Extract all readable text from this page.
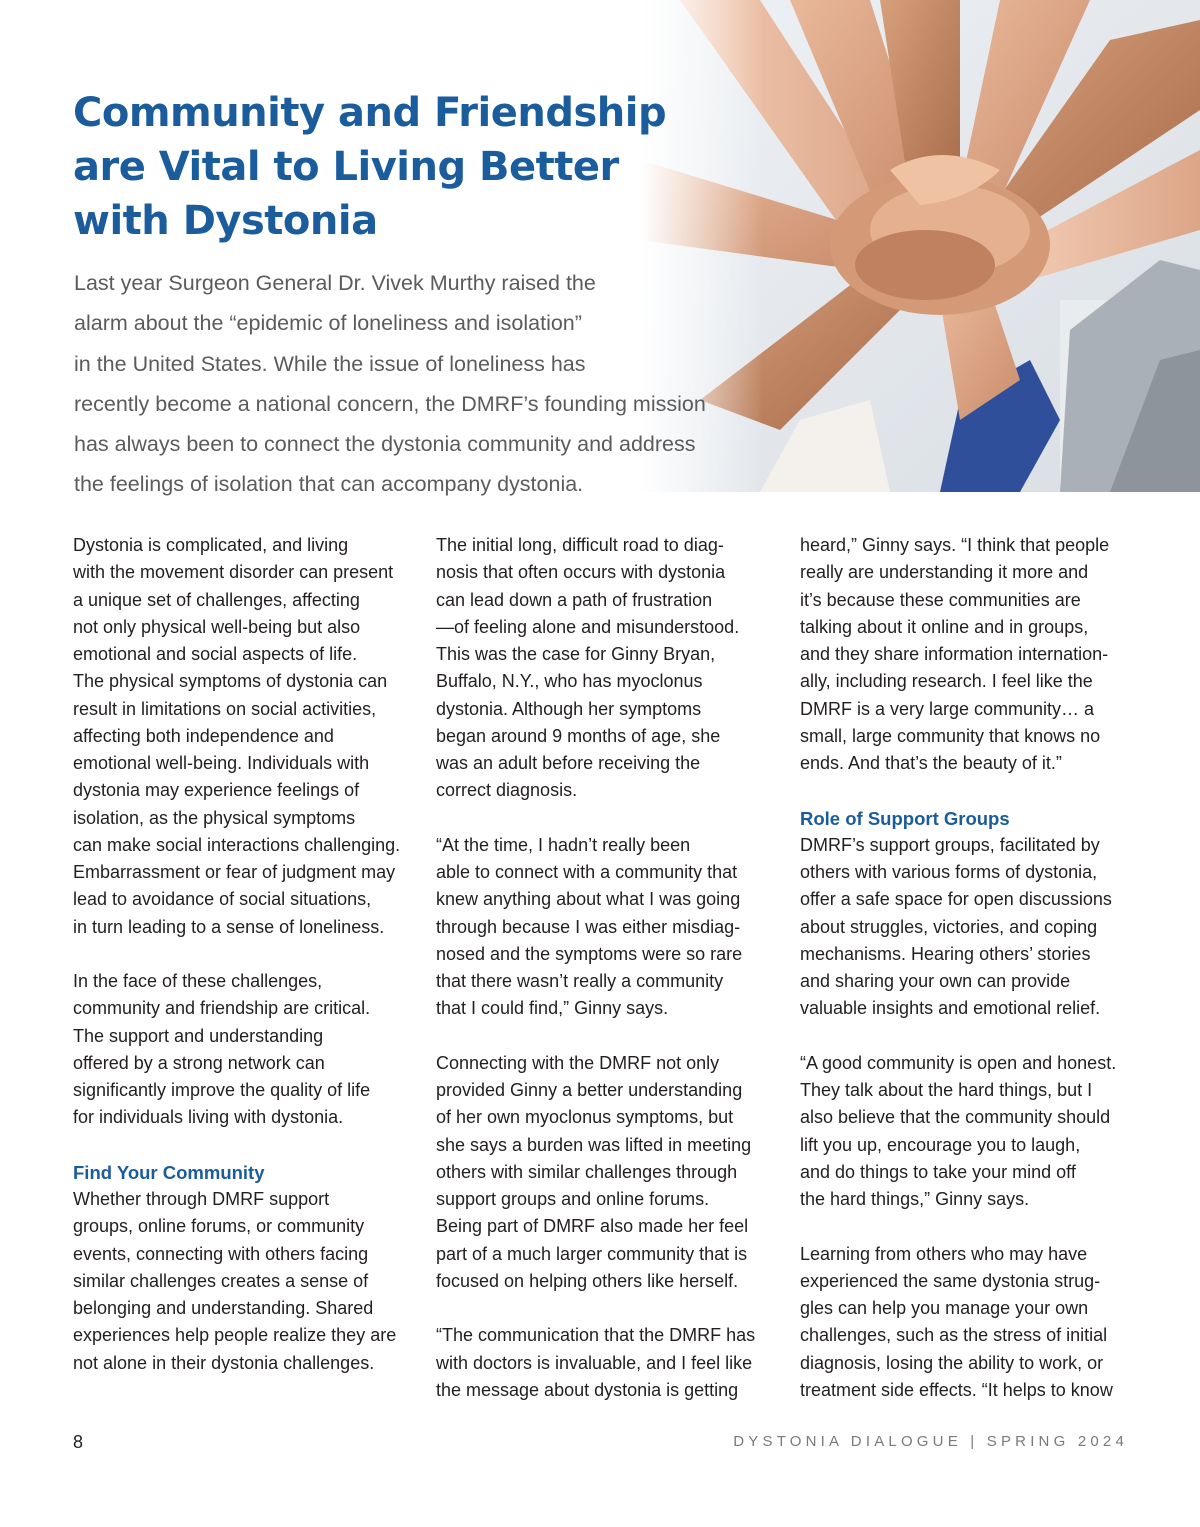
Community and Friendship
are Vital to Living Better
with Dystonia
Last year Surgeon General Dr. Vivek Murthy raised the
alarm about the “epidemic of loneliness and isolation”
in the United States. While the issue of loneliness has
recently become a national concern, the DMRF’s founding mission
has always been to connect the dystonia community and address
the feelings of isolation that can accompany dystonia.
Dystonia is complicated, and living
with the movement disorder can present
a unique set of challenges, affecting
not only physical well-being but also
emotional and social aspects of life.
The physical symptoms of dystonia can
result in limitations on social activities,
affecting both independence and
emotional well-being. Individuals with
dystonia may experience feelings of
isolation, as the physical symptoms
can make social interactions challenging.
Embarrassment or fear of judgment may
lead to avoidance of social situations,
in turn leading to a sense of loneliness.
In the face of these challenges,
community and friendship are critical.
The support and understanding
offered by a strong network can
significantly improve the quality of life
for individuals living with dystonia.
Find Your Community
Whether through DMRF support
groups, online forums, or community
events, connecting with others facing
similar challenges creates a sense of
belonging and understanding. Shared
experiences help people realize they are
not alone in their dystonia challenges.
The initial long, difficult road to diag-
nosis that often occurs with dystonia
can lead down a path of frustration
—of feeling alone and misunderstood.
This was the case for Ginny Bryan,
Buffalo, N.Y., who has myoclonus
dystonia. Although her symptoms
began around 9 months of age, she
was an adult before receiving the
correct diagnosis.
“At the time, I hadn’t really been
able to connect with a community that
knew anything about what I was going
through because I was either misdiag-
nosed and the symptoms were so rare
that there wasn’t really a community
that I could find,” Ginny says.
Connecting with the DMRF not only
provided Ginny a better understanding
of her own myoclonus symptoms, but
she says a burden was lifted in meeting
others with similar challenges through
support groups and online forums.
Being part of DMRF also made her feel
part of a much larger community that is
focused on helping others like herself.
“The communication that the DMRF has
with doctors is invaluable, and I feel like
the message about dystonia is getting
heard,” Ginny says. “I think that people
really are understanding it more and
it’s because these communities are
talking about it online and in groups,
and they share information internation-
ally, including research. I feel like the
DMRF is a very large community… a
small, large community that knows no
ends. And that’s the beauty of it.”
Role of Support Groups
DMRF’s support groups, facilitated by
others with various forms of dystonia,
offer a safe space for open discussions
about struggles, victories, and coping
mechanisms. Hearing others’ stories
and sharing your own can provide
valuable insights and emotional relief.
“A good community is open and honest.
They talk about the hard things, but I
also believe that the community should
lift you up, encourage you to laugh,
and do things to take your mind off
the hard things,” Ginny says.
Learning from others who may have
experienced the same dystonia strug-
gles can help you manage your own
challenges, such as the stress of initial
diagnosis, losing the ability to work, or
treatment side effects. “It helps to know
8	DYSTONIA DIALOGUE | SPRING 2024
